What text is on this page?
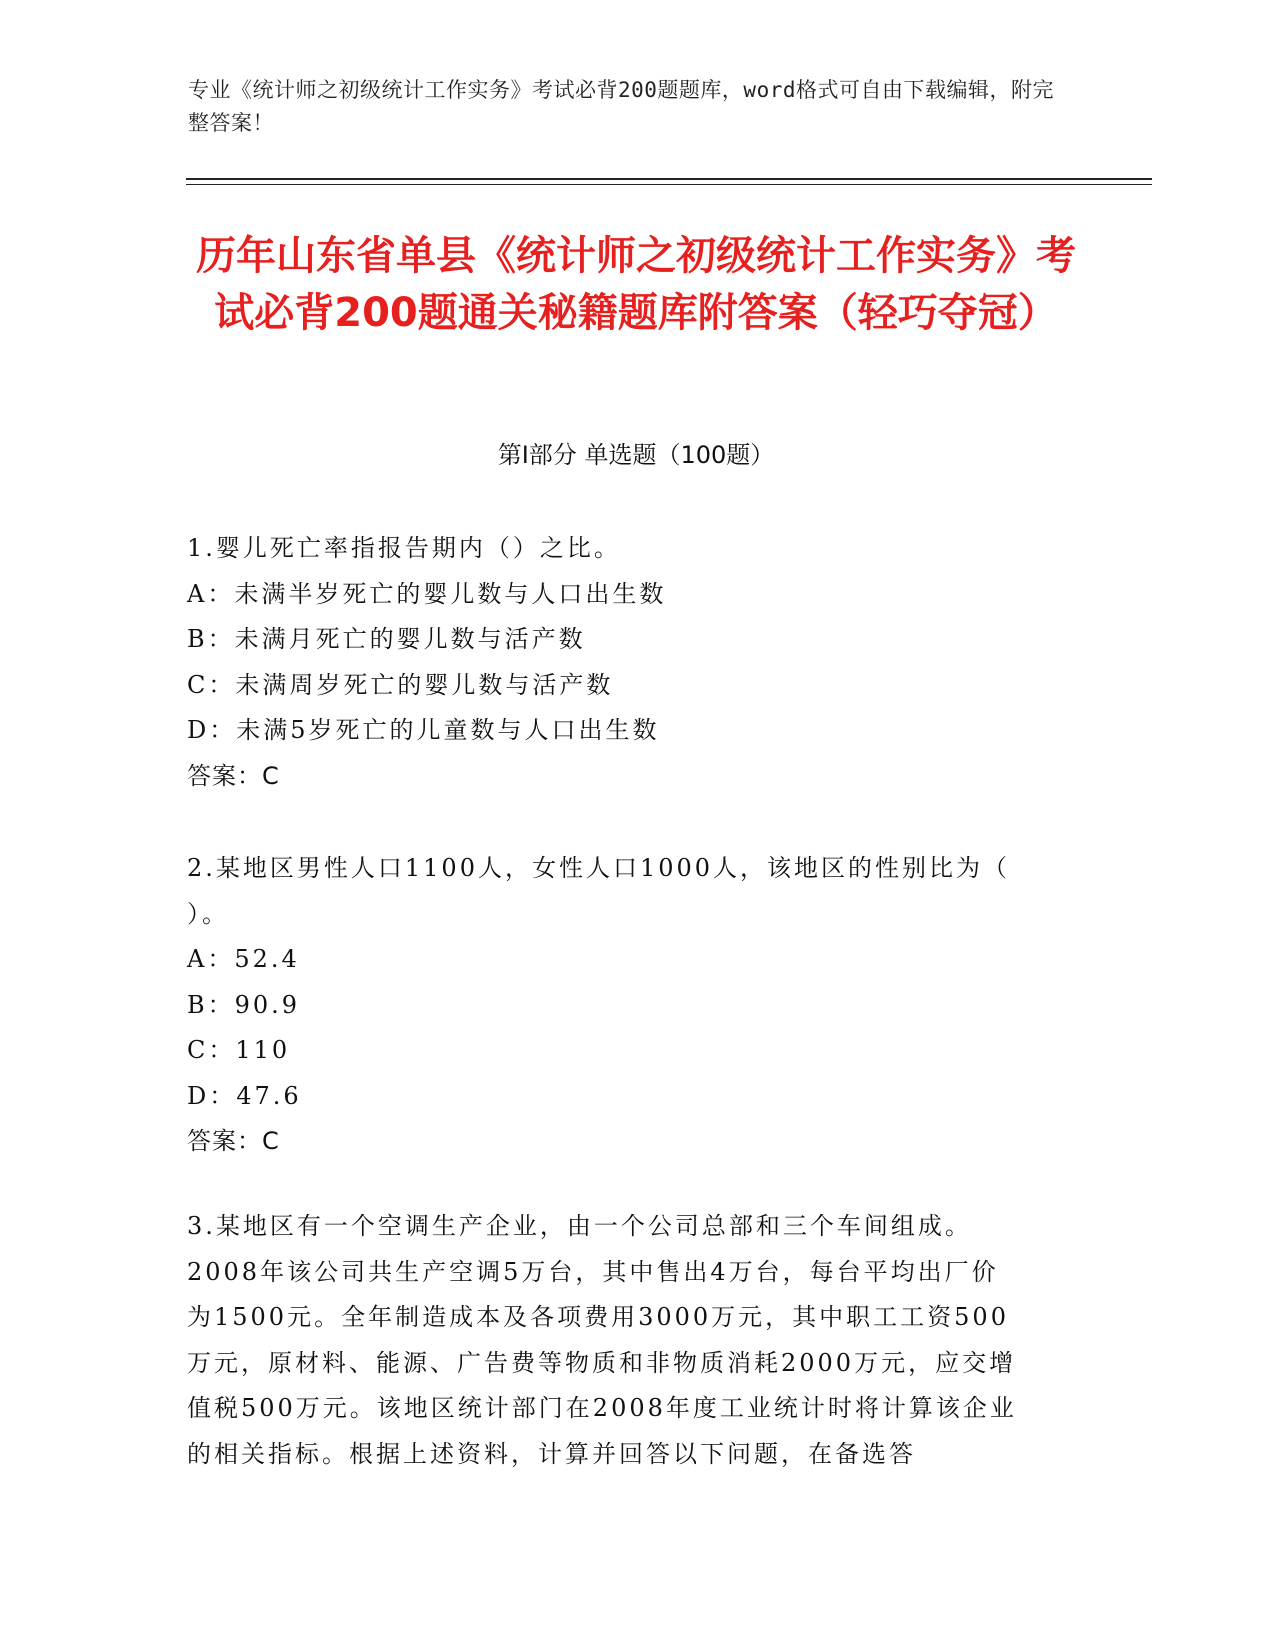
专业《统计师之初级统计工作实务》考试必背200题题库，word格式可自由下载编辑，附完整答案！
历年山东省单县《统计师之初级统计工作实务》考试必背200题通关秘籍题库附答案（轻巧夺冠）
第Ⅰ部分 单选题（100题）
1.婴儿死亡率指报告期内（）之比。
A：未满半岁死亡的婴儿数与人口出生数
B：未满月死亡的婴儿数与活产数
C：未满周岁死亡的婴儿数与活产数
D：未满5岁死亡的儿童数与人口出生数
答案：C
2.某地区男性人口1100人，女性人口1000人，该地区的性别比为（
）。
A：52.4
B：90.9
C：110
D：47.6
答案：C
3.某地区有一个空调生产企业，由一个公司总部和三个车间组成。
2008年该公司共生产空调5万台，其中售出4万台，每台平均出厂价
为1500元。全年制造成本及各项费用3000万元，其中职工工资500
万元，原材料、能源、广告费等物质和非物质消耗2000万元，应交增
值税500万元。该地区统计部门在2008年度工业统计时将计算该企业
的相关指标。根据上述资料，计算并回答以下问题，在备选答
